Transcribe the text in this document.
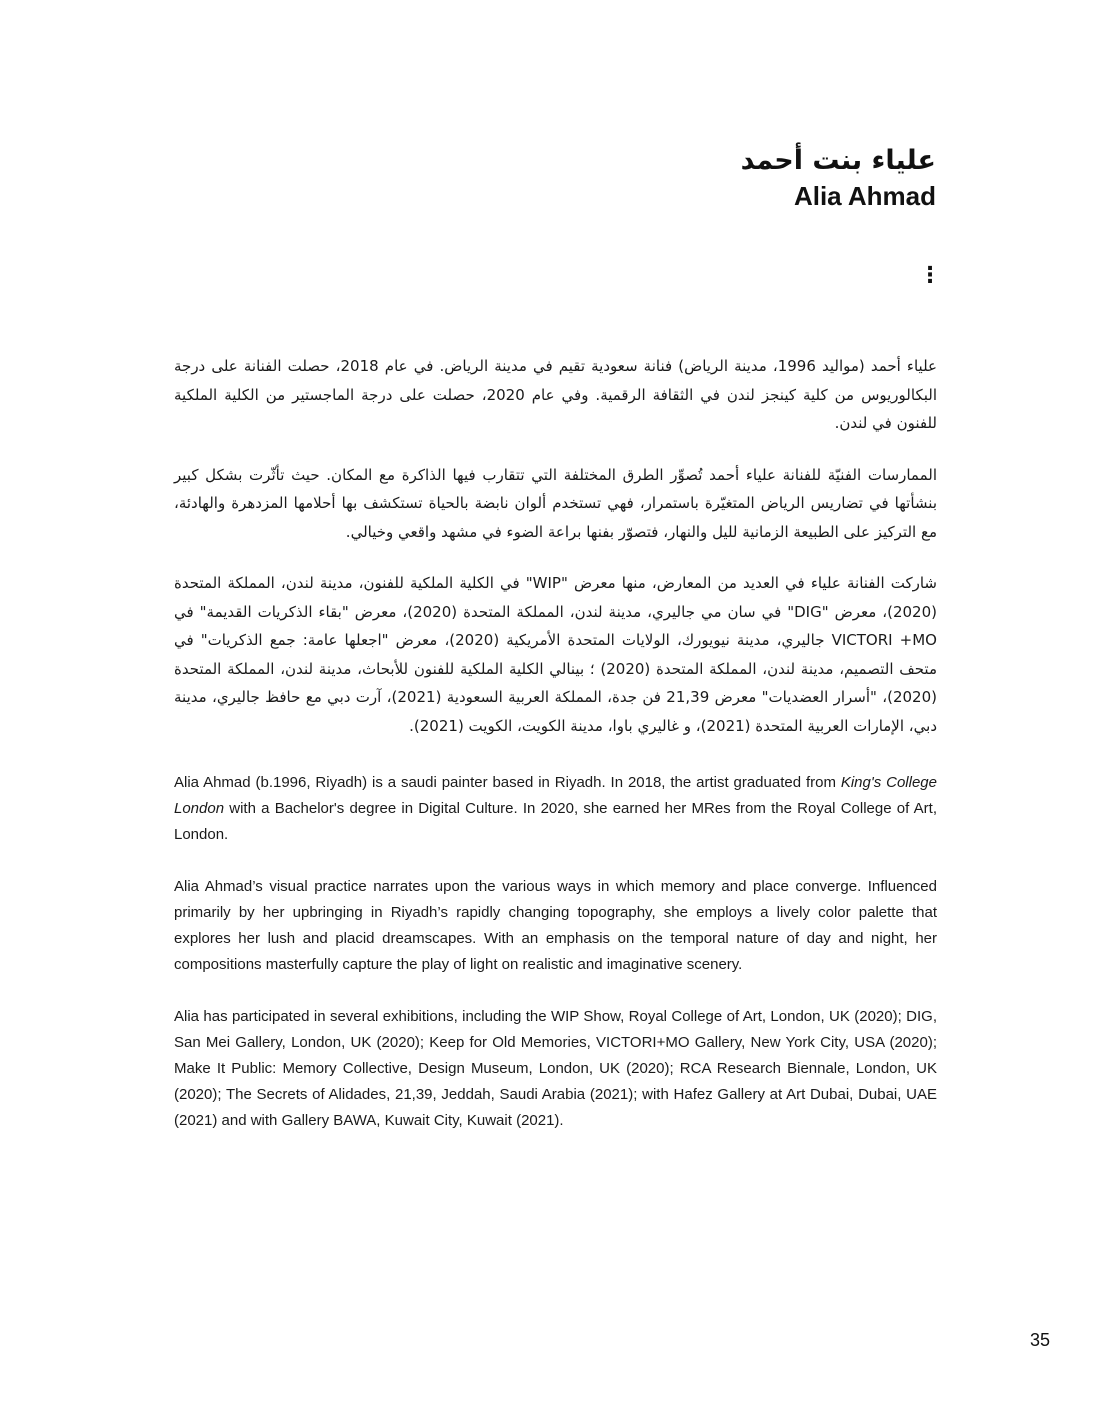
علياء بنت أحمد
Alia Ahmad
⋮

علياء أحمد (مواليد 1996، مدينة الرياض) فنانة سعودية تقيم في مدينة الرياض. في عام 2018، حصلت الفنانة على درجة البكالوريوس من كلية كينجز لندن في الثقافة الرقمية. وفي عام 2020، حصلت على درجة الماجستير من الكلية الملكية للفنون في لندن.

الممارسات الفنيّة للفنانة علياء أحمد تُصوِّر الطرق المختلفة التي تتقارب فيها الذاكرة مع المكان. حيث تأثّرت بشكل كبير بنشأتها في تضاريس الرياض المتغيّرة باستمرار، فهي تستخدم ألوان نابضة بالحياة تستكشف بها أحلامها المزدهرة والهادئة، مع التركيز على الطبيعة الزمانية لليل والنهار، فتصوّر بفنها براعة الضوء في مشهد واقعي وخيالي.

شاركت الفنانة علياء في العديد من المعارض، منها معرض "WIP" في الكلية الملكية للفنون، مدينة لندن، المملكة المتحدة (2020)، معرض "DIG" في سان مي جاليري، مدينة لندن، المملكة المتحدة (2020)، معرض "بقاء الذكريات القديمة" في VICTORI +MO جاليري، مدينة نيويورك، الولايات المتحدة الأمريكية (2020)، معرض "اجعلها عامة: جمع الذكريات" في متحف التصميم، مدينة لندن، المملكة المتحدة (2020) ؛ بينالي الكلية الملكية للفنون للأبحاث، مدينة لندن، المملكة المتحدة (2020)، "أسرار العضديات" معرض 21,39 فن جدة، المملكة العربية السعودية (2021)، آرت دبي مع حافظ جاليري، مدينة دبي، الإمارات العربية المتحدة (2021)، و غاليري باوا، مدينة الكويت، الكويت (2021).

Alia Ahmad (b.1996, Riyadh) is a saudi painter based in Riyadh. In 2018, the artist graduated from King's College London with a Bachelor's degree in Digital Culture. In 2020, she earned her MRes from the Royal College of Art, London.

Alia Ahmad’s visual practice narrates upon the various ways in which memory and place converge. Influenced primarily by her upbringing in Riyadh’s rapidly changing topography, she employs a lively color palette that explores her lush and placid dreamscapes. With an emphasis on the temporal nature of day and night, her compositions masterfully capture the play of light on realistic and imaginative scenery.

Alia has participated in several exhibitions, including the WIP Show, Royal College of Art, London, UK (2020); DIG, San Mei Gallery, London, UK (2020); Keep for Old Memories, VICTORI+MO Gallery, New York City, USA (2020); Make It Public: Memory Collective, Design Museum, London, UK (2020); RCA Research Biennale, London, UK (2020); The Secrets of Alidades, 21,39, Jeddah, Saudi Arabia (2021); with Hafez Gallery at Art Dubai, Dubai, UAE (2021) and with Gallery BAWA, Kuwait City, Kuwait (2021).

35
